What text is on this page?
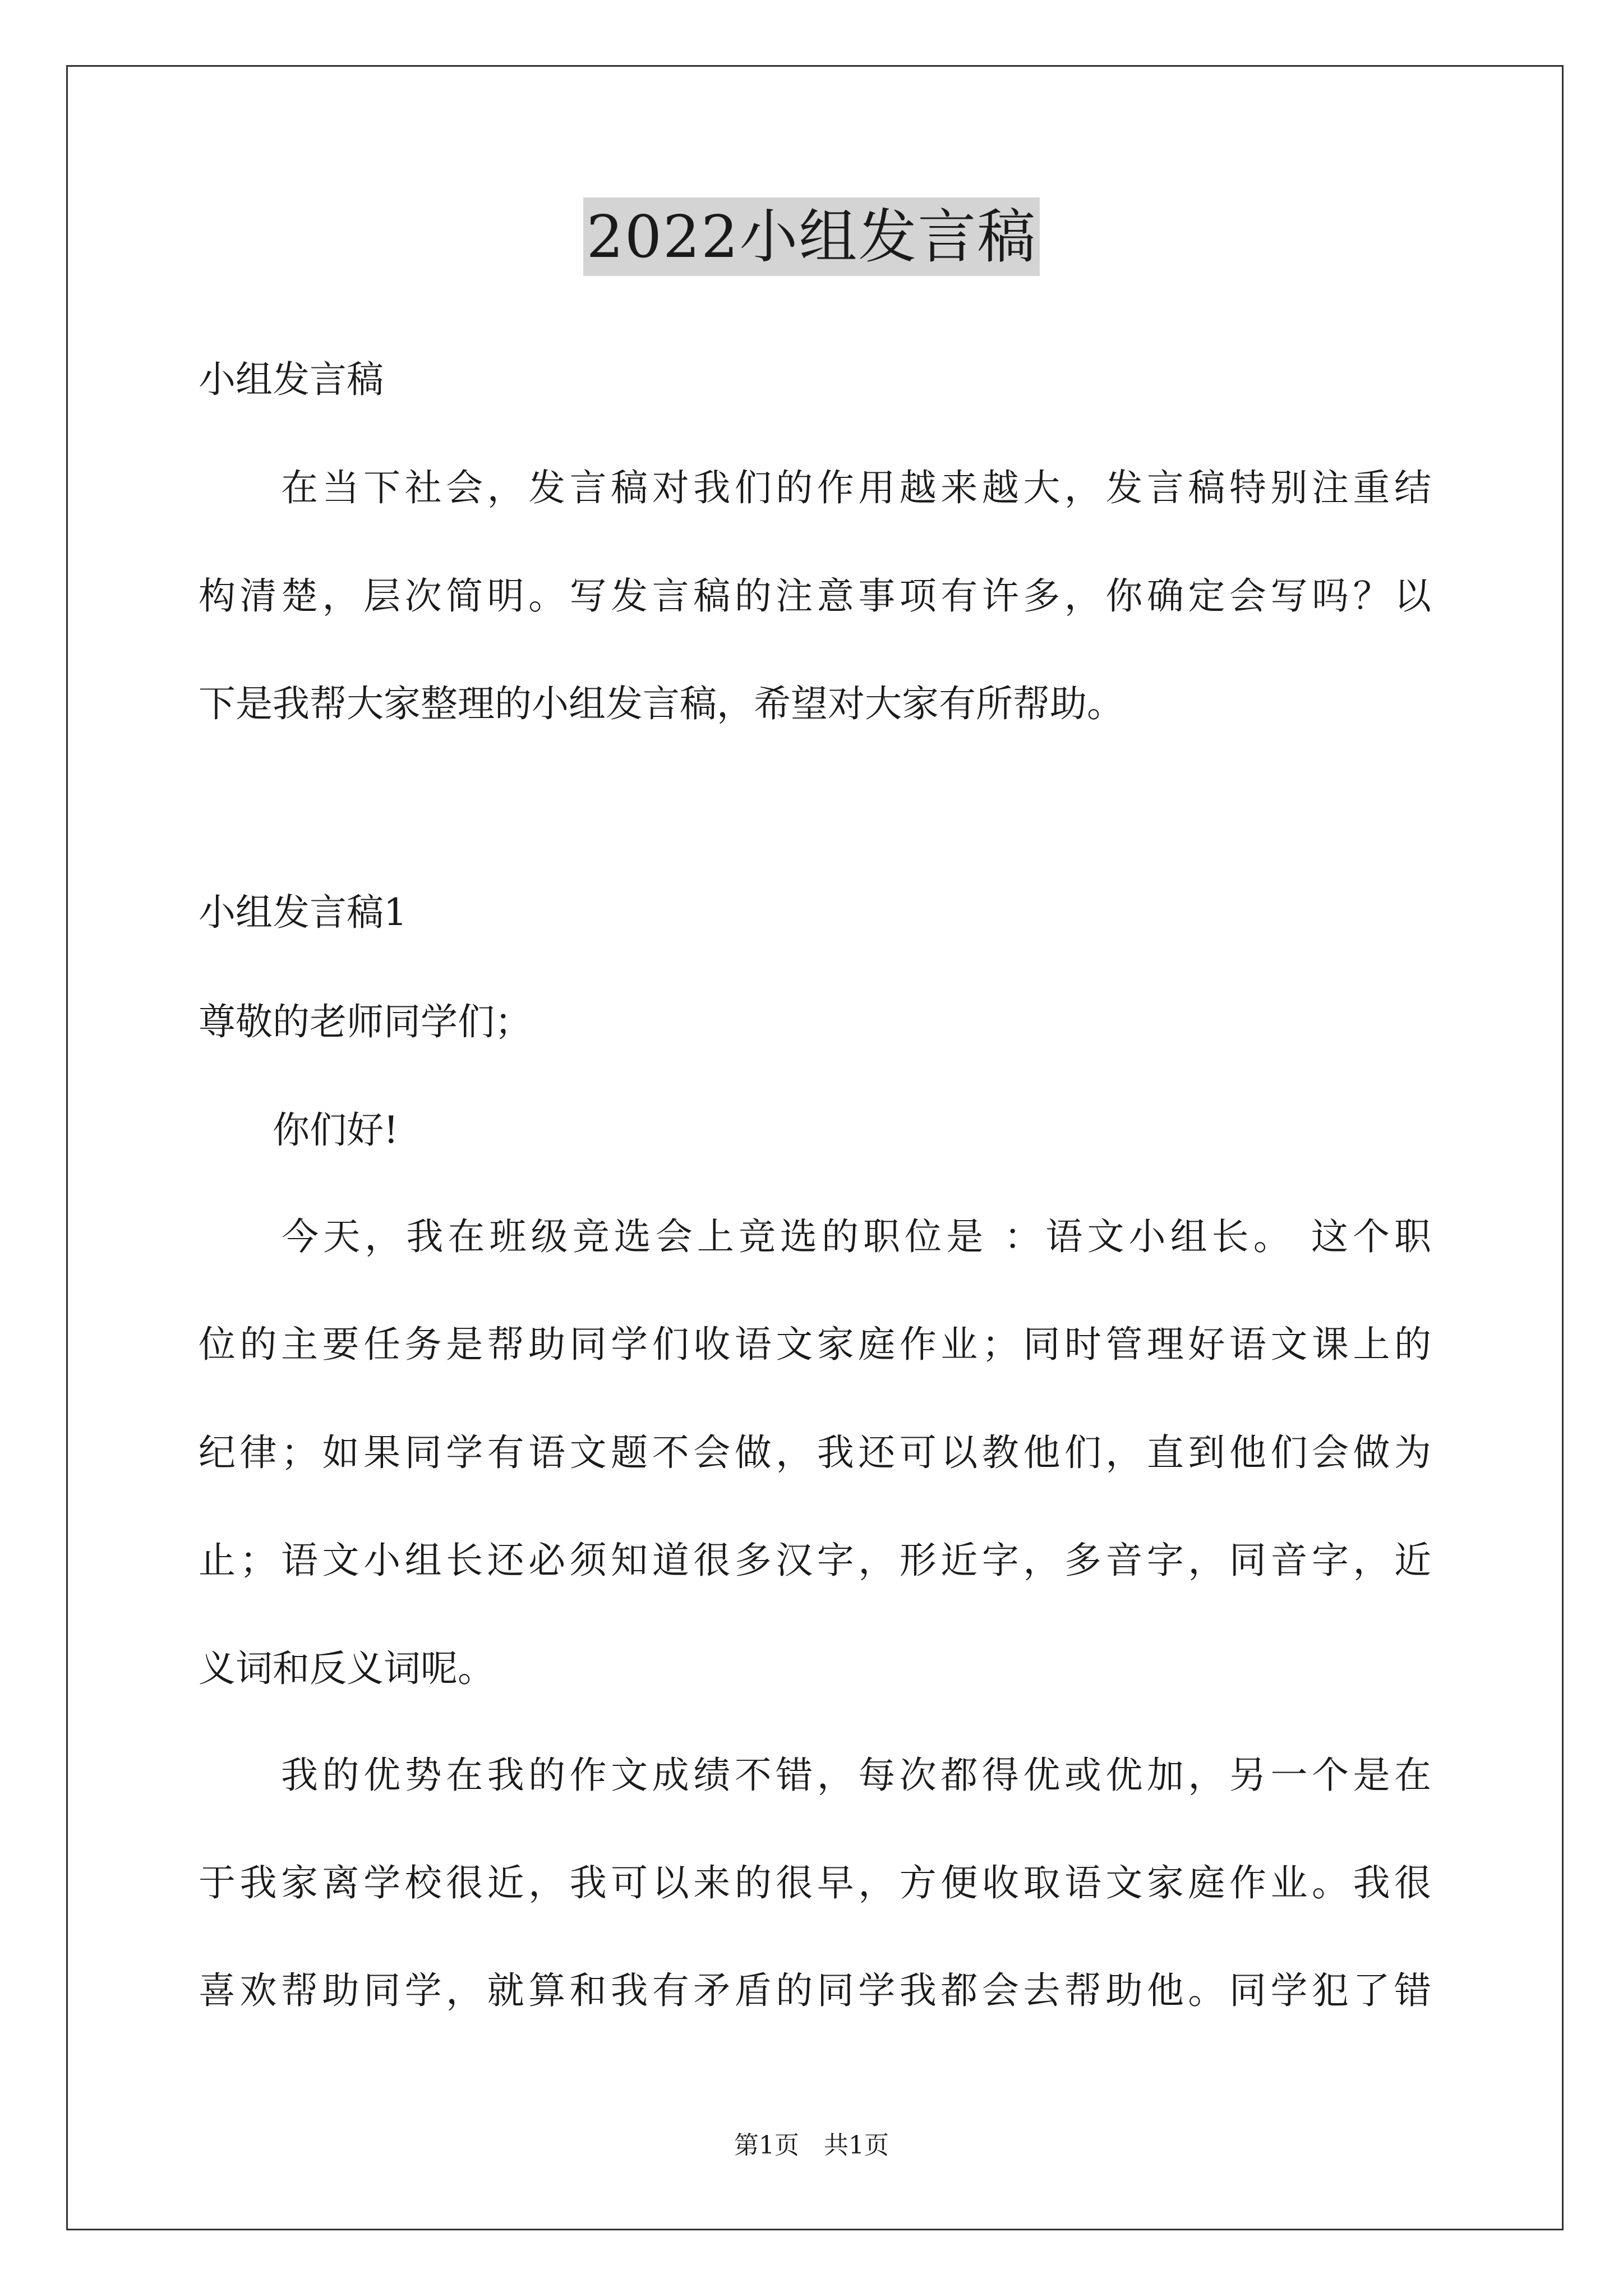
2022小组发言稿
小组发言稿
　　在当下社会，发言稿对我们的作用越来越大，发言稿特别注重结
构清楚，层次简明。写发言稿的注意事项有许多，你确定会写吗？以
下是我帮大家整理的小组发言稿，希望对大家有所帮助。
小组发言稿1
尊敬的老师同学们；
　　你们好!
　　今天，我在班级竞选会上竞选的职位是 ：语文小组长。 这个职
位的主要任务是帮助同学们收语文家庭作业；同时管理好语文课上的
纪律；如果同学有语文题不会做，我还可以教他们，直到他们会做为
止；语文小组长还必须知道很多汉字，形近字，多音字，同音字，近
义词和反义词呢。
　　我的优势在我的作文成绩不错，每次都得优或优加，另一个是在
于我家离学校很近，我可以来的很早，方便收取语文家庭作业。我很
喜欢帮助同学，就算和我有矛盾的同学我都会去帮助他。同学犯了错
第1页　共1页
